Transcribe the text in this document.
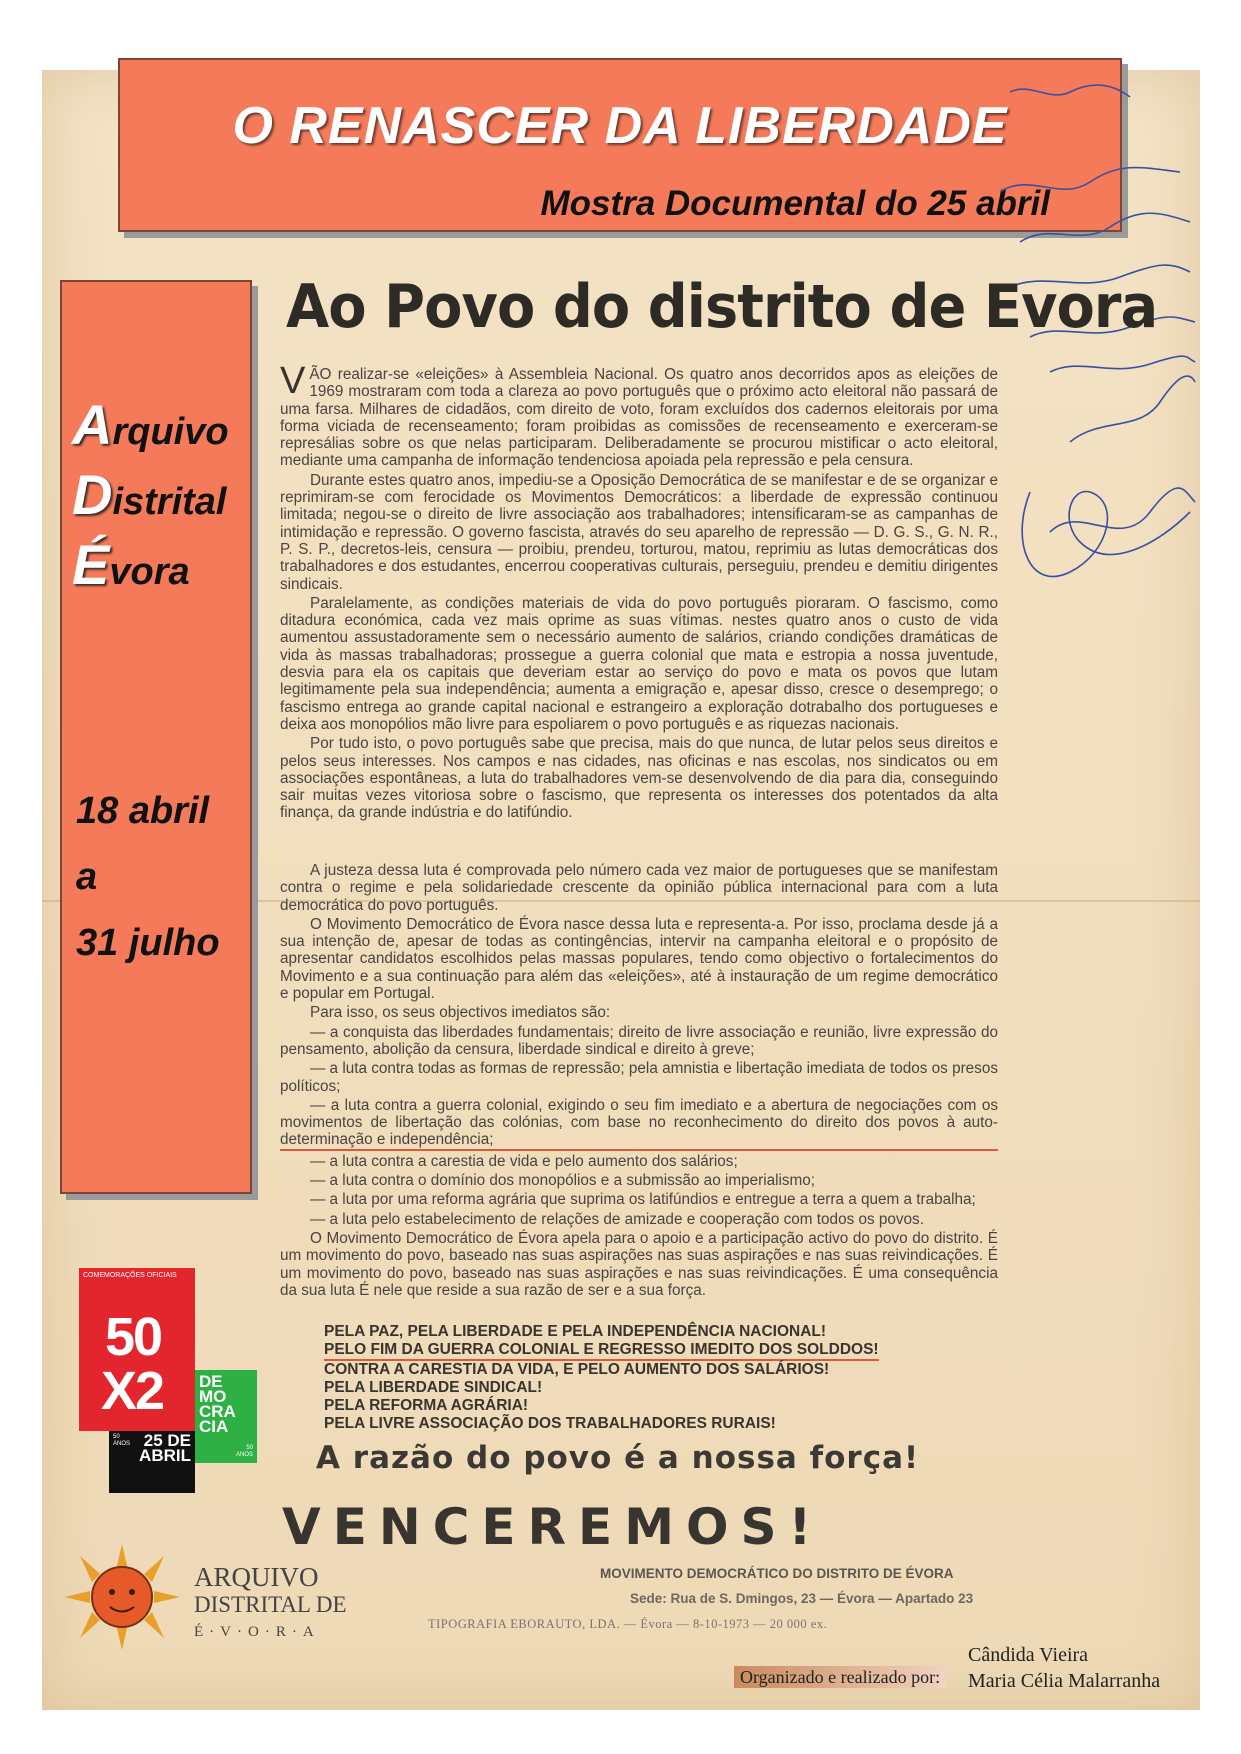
O RENASCER DA LIBERDADE
Mostra Documental do 25 abril
Arquivo
Distrital
Évora
18 abril
a
31 julho
Ao Povo do distrito de Evora

VÃO realizar-se «eleições» à Assembleia Nacional. Os quatro anos decorridos apos as eleições de 1969 mostraram com toda a clareza ao povo português que o próximo acto eleitoral não passará de uma farsa. Milhares de cidadãos, com direito de voto, foram excluídos dos cadernos eleitorais por uma forma viciada de recenseamento; foram proibidas as comissões de recenseamento e exerceram-se represálias sobre os que nelas participaram. Deliberadamente se procurou mistificar o acto eleitoral, mediante uma campanha de informação tendenciosa apoiada pela repressão e pela censura.

Durante estes quatro anos, impediu-se a Oposição Democrática de se manifestar e de se organizar e reprimiram-se com ferocidade os Movimentos Democráticos: a liberdade de expressão continuou limitada; negou-se o direito de livre associação aos trabalhadores; intensificaram-se as campanhas de intimidação e repressão. O governo fascista, através do seu aparelho de repressão — D. G. S., G. N. R., P. S. P., decretos-leis, censura — proibiu, prendeu, torturou, matou, reprimiu as lutas democráticas dos trabalhadores e dos estudantes, encerrou cooperativas culturais, perseguiu, prendeu e demitiu dirigentes sindicais.

Paralelamente, as condições materiais de vida do povo português pioraram. O fascismo, como ditadura económica, cada vez mais oprime as suas vítimas. nestes quatro anos o custo de vida aumentou assustadoramente sem o necessário aumento de salários, criando condições dramáticas de vida às massas trabalhadoras; prossegue a guerra colonial que mata e estropia a nossa juventude, desvia para ela os capitais que deveriam estar ao serviço do povo e mata os povos que lutam legitimamente pela sua independência; aumenta a emigração e, apesar disso, cresce o desemprego; o fascismo entrega ao grande capital nacional e estrangeiro a exploração dotrabalho dos portugueses e deixa aos monopólios mão livre para espoliarem o povo português e as riquezas nacionais.

Por tudo isto, o povo português sabe que precisa, mais do que nunca, de lutar pelos seus direitos e pelos seus interesses. Nos campos e nas cidades, nas oficinas e nas escolas, nos sindicatos ou em associações espontâneas, a luta do trabalhadores vem-se desenvolvendo de dia para dia, conseguindo sair muitas vezes vitoriosa sobre o fascismo, que representa os interesses dos potentados da alta finança, da grande indústria e do latifúndio.

A justeza dessa luta é comprovada pelo número cada vez maior de portugueses que se manifestam contra o regime e pela solidariedade crescente da opinião pública internacional para com a luta democrática do povo português.

O Movimento Democrático de Évora nasce dessa luta e representa-a. Por isso, proclama desde já a sua intenção de, apesar de todas as contingências, intervir na campanha eleitoral e o propósito de apresentar candidatos escolhidos pelas massas populares, tendo como objectivo o fortalecimentos do Movimento e a sua continuação para além das «eleições», até à instauração de um regime democrático e popular em Portugal.

Para isso, os seus objectivos imediatos são:

— a conquista das liberdades fundamentais; direito de livre associação e reunião, livre expressão do pensamento, abolição da censura, liberdade sindical e direito à greve;

— a luta contra todas as formas de repressão; pela amnistia e libertação imediata de todos os presos políticos;

— a luta contra a guerra colonial, exigindo o seu fim imediato e a abertura de negociações com os movimentos de libertação das colónias, com base no reconhecimento do direito dos povos à auto-determinação e independência;

— a luta contra a carestia de vida e pelo aumento dos salários;

— a luta contra o domínio dos monopólios e a submissão ao imperialismo;

— a luta por uma reforma agrária que suprima os latifúndios e entregue a terra a quem a trabalha;

— a luta pelo estabelecimento de relações de amizade e cooperação com todos os povos.

O Movimento Democrático de Évora apela para o apoio e a participação activo do povo do distrito. É um movimento do povo, baseado nas suas aspirações nas suas aspirações e nas suas reivindicações. É um movimento do povo, baseado nas suas aspirações e nas suas reivindicações. É uma consequência da sua luta É nele que reside a sua razão de ser e a sua força.

PELA PAZ, PELA LIBERDADE E PELA INDEPENDÊNCIA NACIONAL!
PELO FIM DA GUERRA COLONIAL E REGRESSO IMEDITO DOS SOLDDOS!
CONTRA A CARESTIA DA VIDA, E PELO AUMENTO DOS SALÁRIOS!
PELA LIBERDADE SINDICAL!
PELA REFORMA AGRÁRIA!
PELA LIVRE ASSOCIAÇÃO DOS TRABALHADORES RURAIS!
A razão do povo é a nossa força!
VENCEREMOS!
MOVIMENTO DEMOCRÁTICO DO DISTRITO DE ÉVORA
Sede: Rua de S. Dmingos, 23 — Évora — Apartado 23
TIPOGRAFIA EBORAUTO, LDA. — Évora — 8-10-1973 — 20 000 ex.
COMEMORAÇÕES OFICIAIS
50
X2 DE MO CRA CIA
50 ANOS
50 ANOS 25 DE ABRIL
ARQUIVO
DISTRITAL DE
É·V·O·R·A
Organizado e realizado por:
Cândida Vieira
Maria Célia Malarranha
